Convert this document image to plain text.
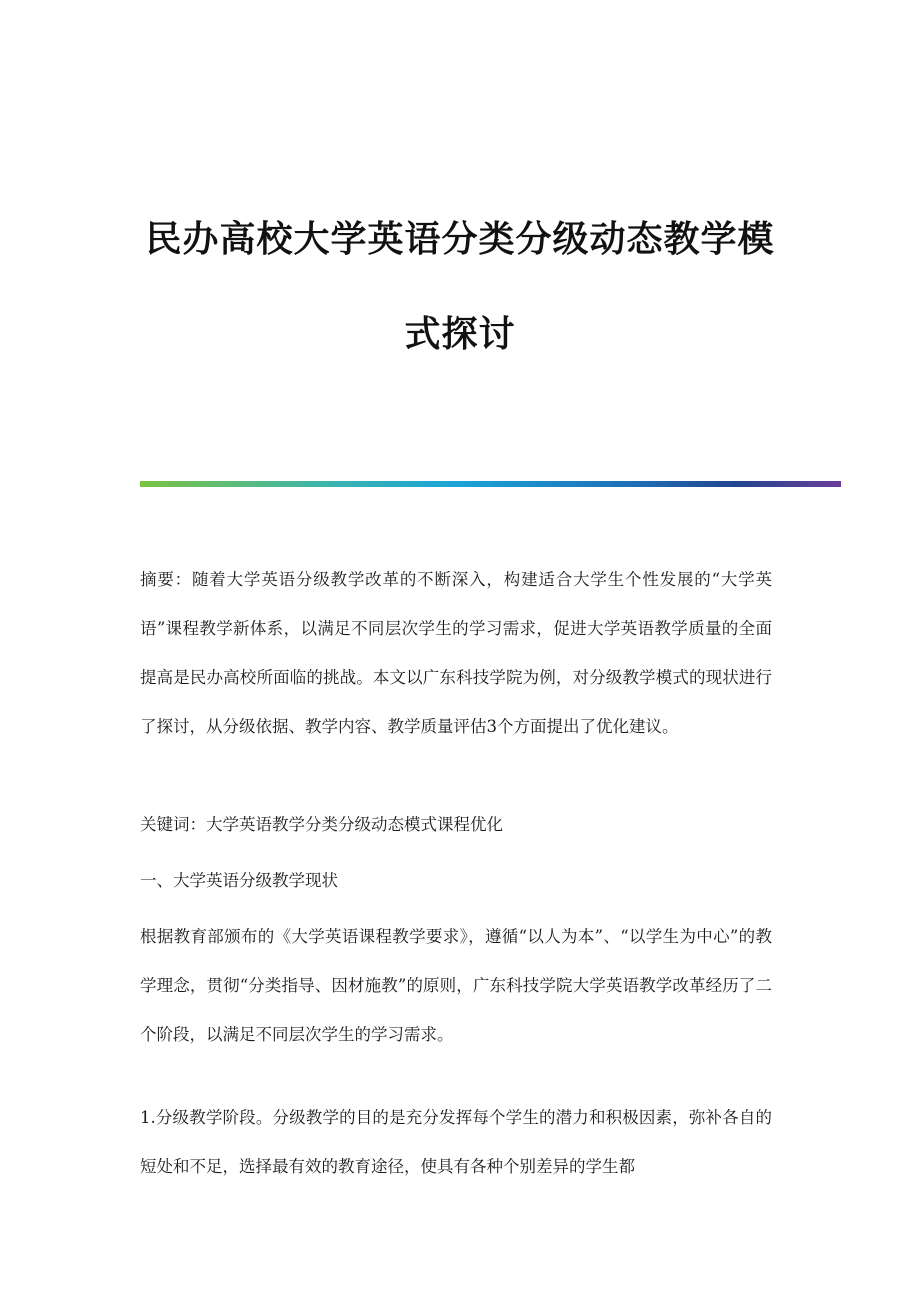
民办高校大学英语分类分级动态教学模
式探讨

摘要：随着大学英语分级教学改革的不断深入，构建适合大学生个性发展的“大学英语”课程教学新体系，以满足不同层次学生的学习需求，促进大学英语教学质量的全面提高是民办高校所面临的挑战。本文以广东科技学院为例，对分级教学模式的现状进行了探讨，从分级依据、教学内容、教学质量评估3个方面提出了优化建议。

关键词：大学英语教学分类分级动态模式课程优化

一、大学英语分级教学现状

根据教育部颁布的《大学英语课程教学要求》，遵循“以人为本”、“以学生为中心”的教学理念，贯彻“分类指导、因材施教”的原则，广东科技学院大学英语教学改革经历了二个阶段，以满足不同层次学生的学习需求。

1.分级教学阶段。分级教学的目的是充分发挥每个学生的潜力和积极因素，弥补各自的短处和不足，选择最有效的教育途径，使具有各种个别差异的学生都
